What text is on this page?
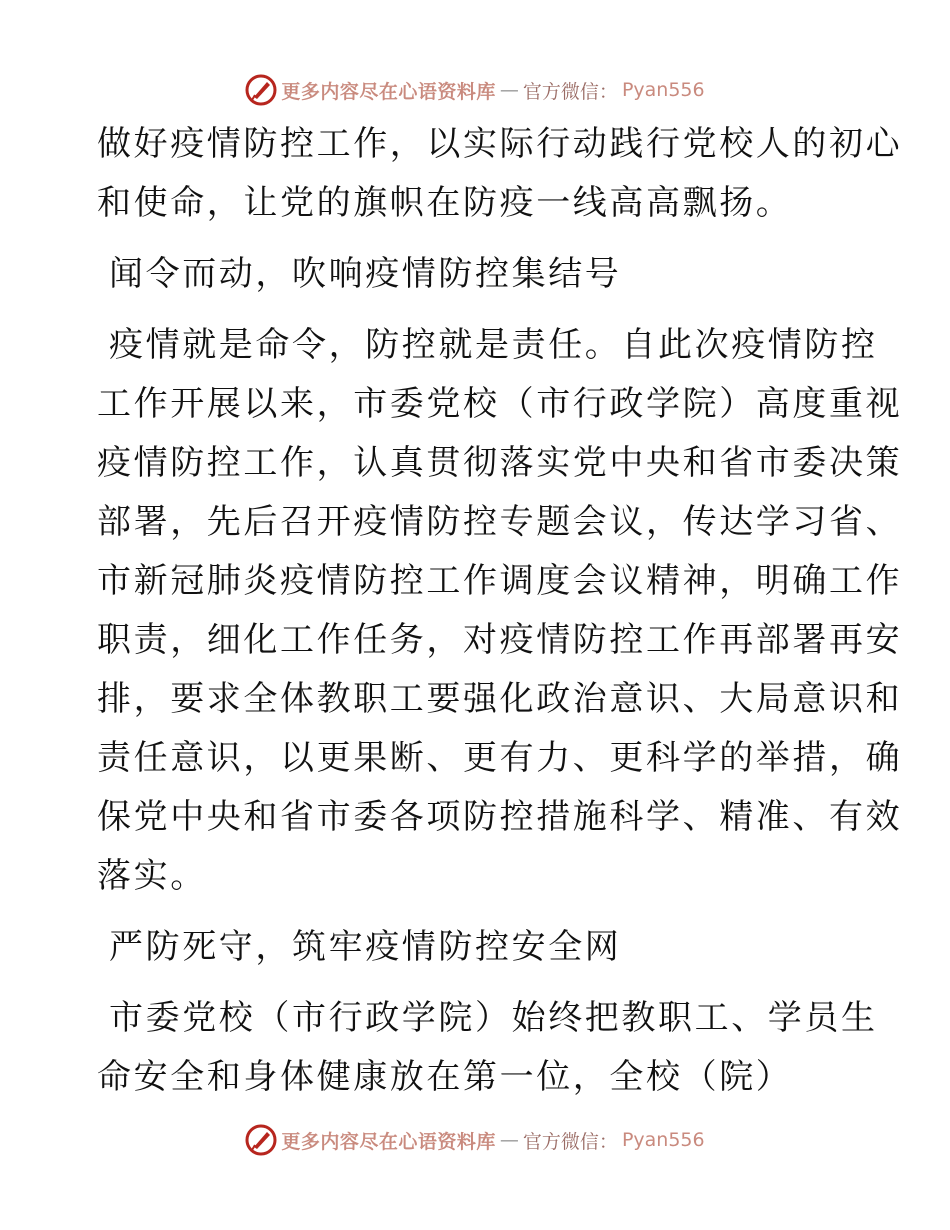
更多内容尽在心语资料库 — 官方微信： Pyan556

做好疫情防控工作，以实际行动践行党校人的初心
和使命，让党的旗帜在防疫一线高高飘扬。

闻令而动，吹响疫情防控集结号

疫情就是命令，防控就是责任。自此次疫情防控
工作开展以来，市委党校（市行政学院）高度重视
疫情防控工作，认真贯彻落实党中央和省市委决策
部署，先后召开疫情防控专题会议，传达学习省、
市新冠肺炎疫情防控工作调度会议精神，明确工作
职责，细化工作任务，对疫情防控工作再部署再安
排，要求全体教职工要强化政治意识、大局意识和
责任意识，以更果断、更有力、更科学的举措，确
保党中央和省市委各项防控措施科学、精准、有效
落实。

严防死守，筑牢疫情防控安全网

市委党校（市行政学院）始终把教职工、学员生
命安全和身体健康放在第一位，全校（院）

更多内容尽在心语资料库 — 官方微信： Pyan556
